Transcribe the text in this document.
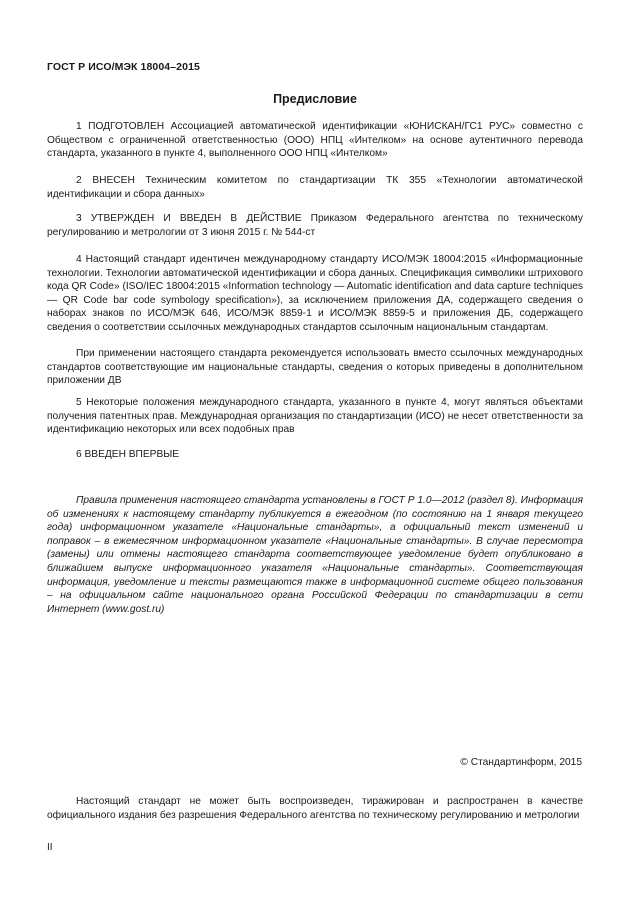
ГОСТ Р ИСО/МЭК 18004–2015
Предисловие

1 ПОДГОТОВЛЕН Ассоциацией автоматической идентификации «ЮНИСКАН/ГС1 РУС» совместно с Обществом с ограниченной ответственностью (ООО) НПЦ «Интелком» на основе аутентичного перевода стандарта, указанного в пункте 4, выполненного ООО НПЦ «Интелком»

2 ВНЕСЕН Техническим комитетом по стандартизации ТК 355 «Технологии автоматической идентификации и сбора данных»

3 УТВЕРЖДЕН И ВВЕДЕН В ДЕЙСТВИЕ Приказом Федерального агентства по техническому регулированию и метрологии от 3 июня 2015 г. № 544-ст

4 Настоящий стандарт идентичен международному стандарту ИСО/МЭК 18004:2015 «Информационные технологии. Технологии автоматической идентификации и сбора данных. Спецификация символики штрихового кода QR Code» (ISO/IEC 18004:2015 «Information technology — Automatic identification and data capture techniques — QR Code bar code symbology specification»), за исключением приложения ДА, содержащего сведения о наборах знаков по ИСО/МЭК 646, ИСО/МЭК 8859-1 и ИСО/МЭК 8859-5 и приложения ДБ, содержащего сведения о соответствии ссылочных международных стандартов ссылочным национальным стандартам.

При применении настоящего стандарта рекомендуется использовать вместо ссылочных международных стандартов соответствующие им национальные стандарты, сведения о которых приведены в дополнительном приложении ДВ

5 Некоторые положения международного стандарта, указанного в пункте 4, могут являться объектами получения патентных прав. Международная организация по стандартизации (ИСО) не несет ответственности за идентификацию некоторых или всех подобных прав

6 ВВЕДЕН ВПЕРВЫЕ

Правила применения настоящего стандарта установлены в ГОСТ Р 1.0—2012 (раздел 8). Информация об изменениях к настоящему стандарту публикуется в ежегодном (по состоянию на 1 января текущего года) информационном указателе «Национальные стандарты», а официальный текст изменений и поправок – в ежемесячном информационном указателе «Национальные стандарты». В случае пересмотра (замены) или отмены настоящего стандарта соответствующее уведомление будет опубликовано в ближайшем выпуске информационного указателя «Национальные стандарты». Соответствующая информация, уведомление и тексты размещаются также в информационной системе общего пользования – на официальном сайте национального органа Российской Федерации по стандартизации в сети Интернет (www.gost.ru)

© Стандартинформ, 2015

Настоящий стандарт не может быть воспроизведен, тиражирован и распространен в качестве официального издания без разрешения Федерального агентства по техническому регулированию и метрологии

II
